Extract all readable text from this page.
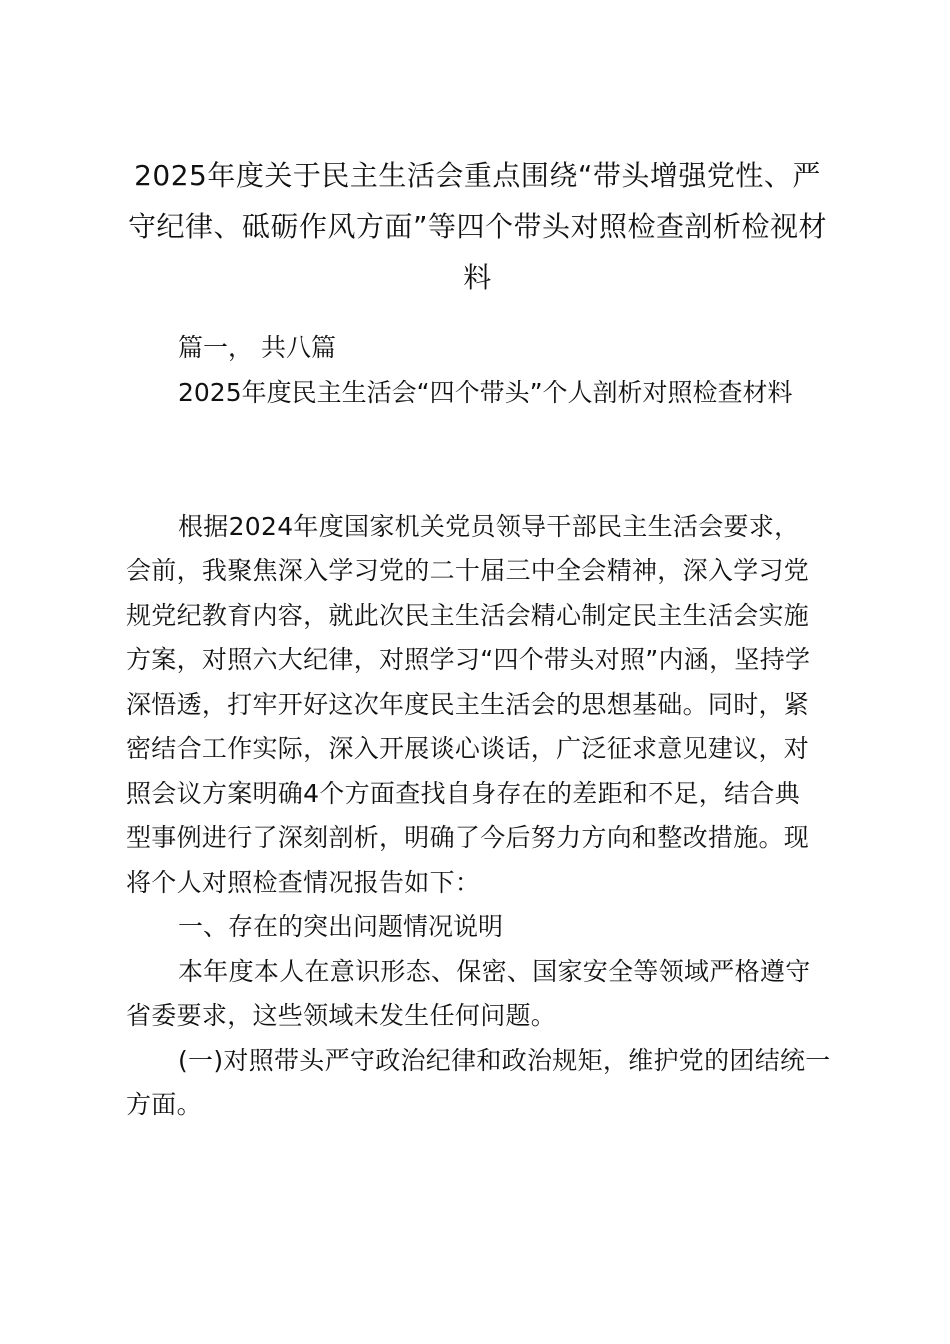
2025年度关于民主生活会重点围绕“带头增强党性、严守纪律、砥砺作风方面”等四个带头对照检查剖析检视材料
篇一， 共八篇
2025年度民主生活会“四个带头”个人剖析对照检查材料
根据2024年度国家机关党员领导干部民主生活会要求，
会前，我聚焦深入学习党的二十届三中全会精神，深入学习党
规党纪教育内容，就此次民主生活会精心制定民主生活会实施
方案，对照六大纪律，对照学习“四个带头对照”内涵，坚持学
深悟透，打牢开好这次年度民主生活会的思想基础。同时，紧
密结合工作实际，深入开展谈心谈话，广泛征求意见建议，对
照会议方案明确4个方面查找自身存在的差距和不足，结合典
型事例进行了深刻剖析，明确了今后努力方向和整改措施。现
将个人对照检查情况报告如下：
一、存在的突出问题情况说明
本年度本人在意识形态、保密、国家安全等领域严格遵守
省委要求，这些领域未发生任何问题。
(一)对照带头严守政治纪律和政治规矩，维护党的团结统一
方面。
